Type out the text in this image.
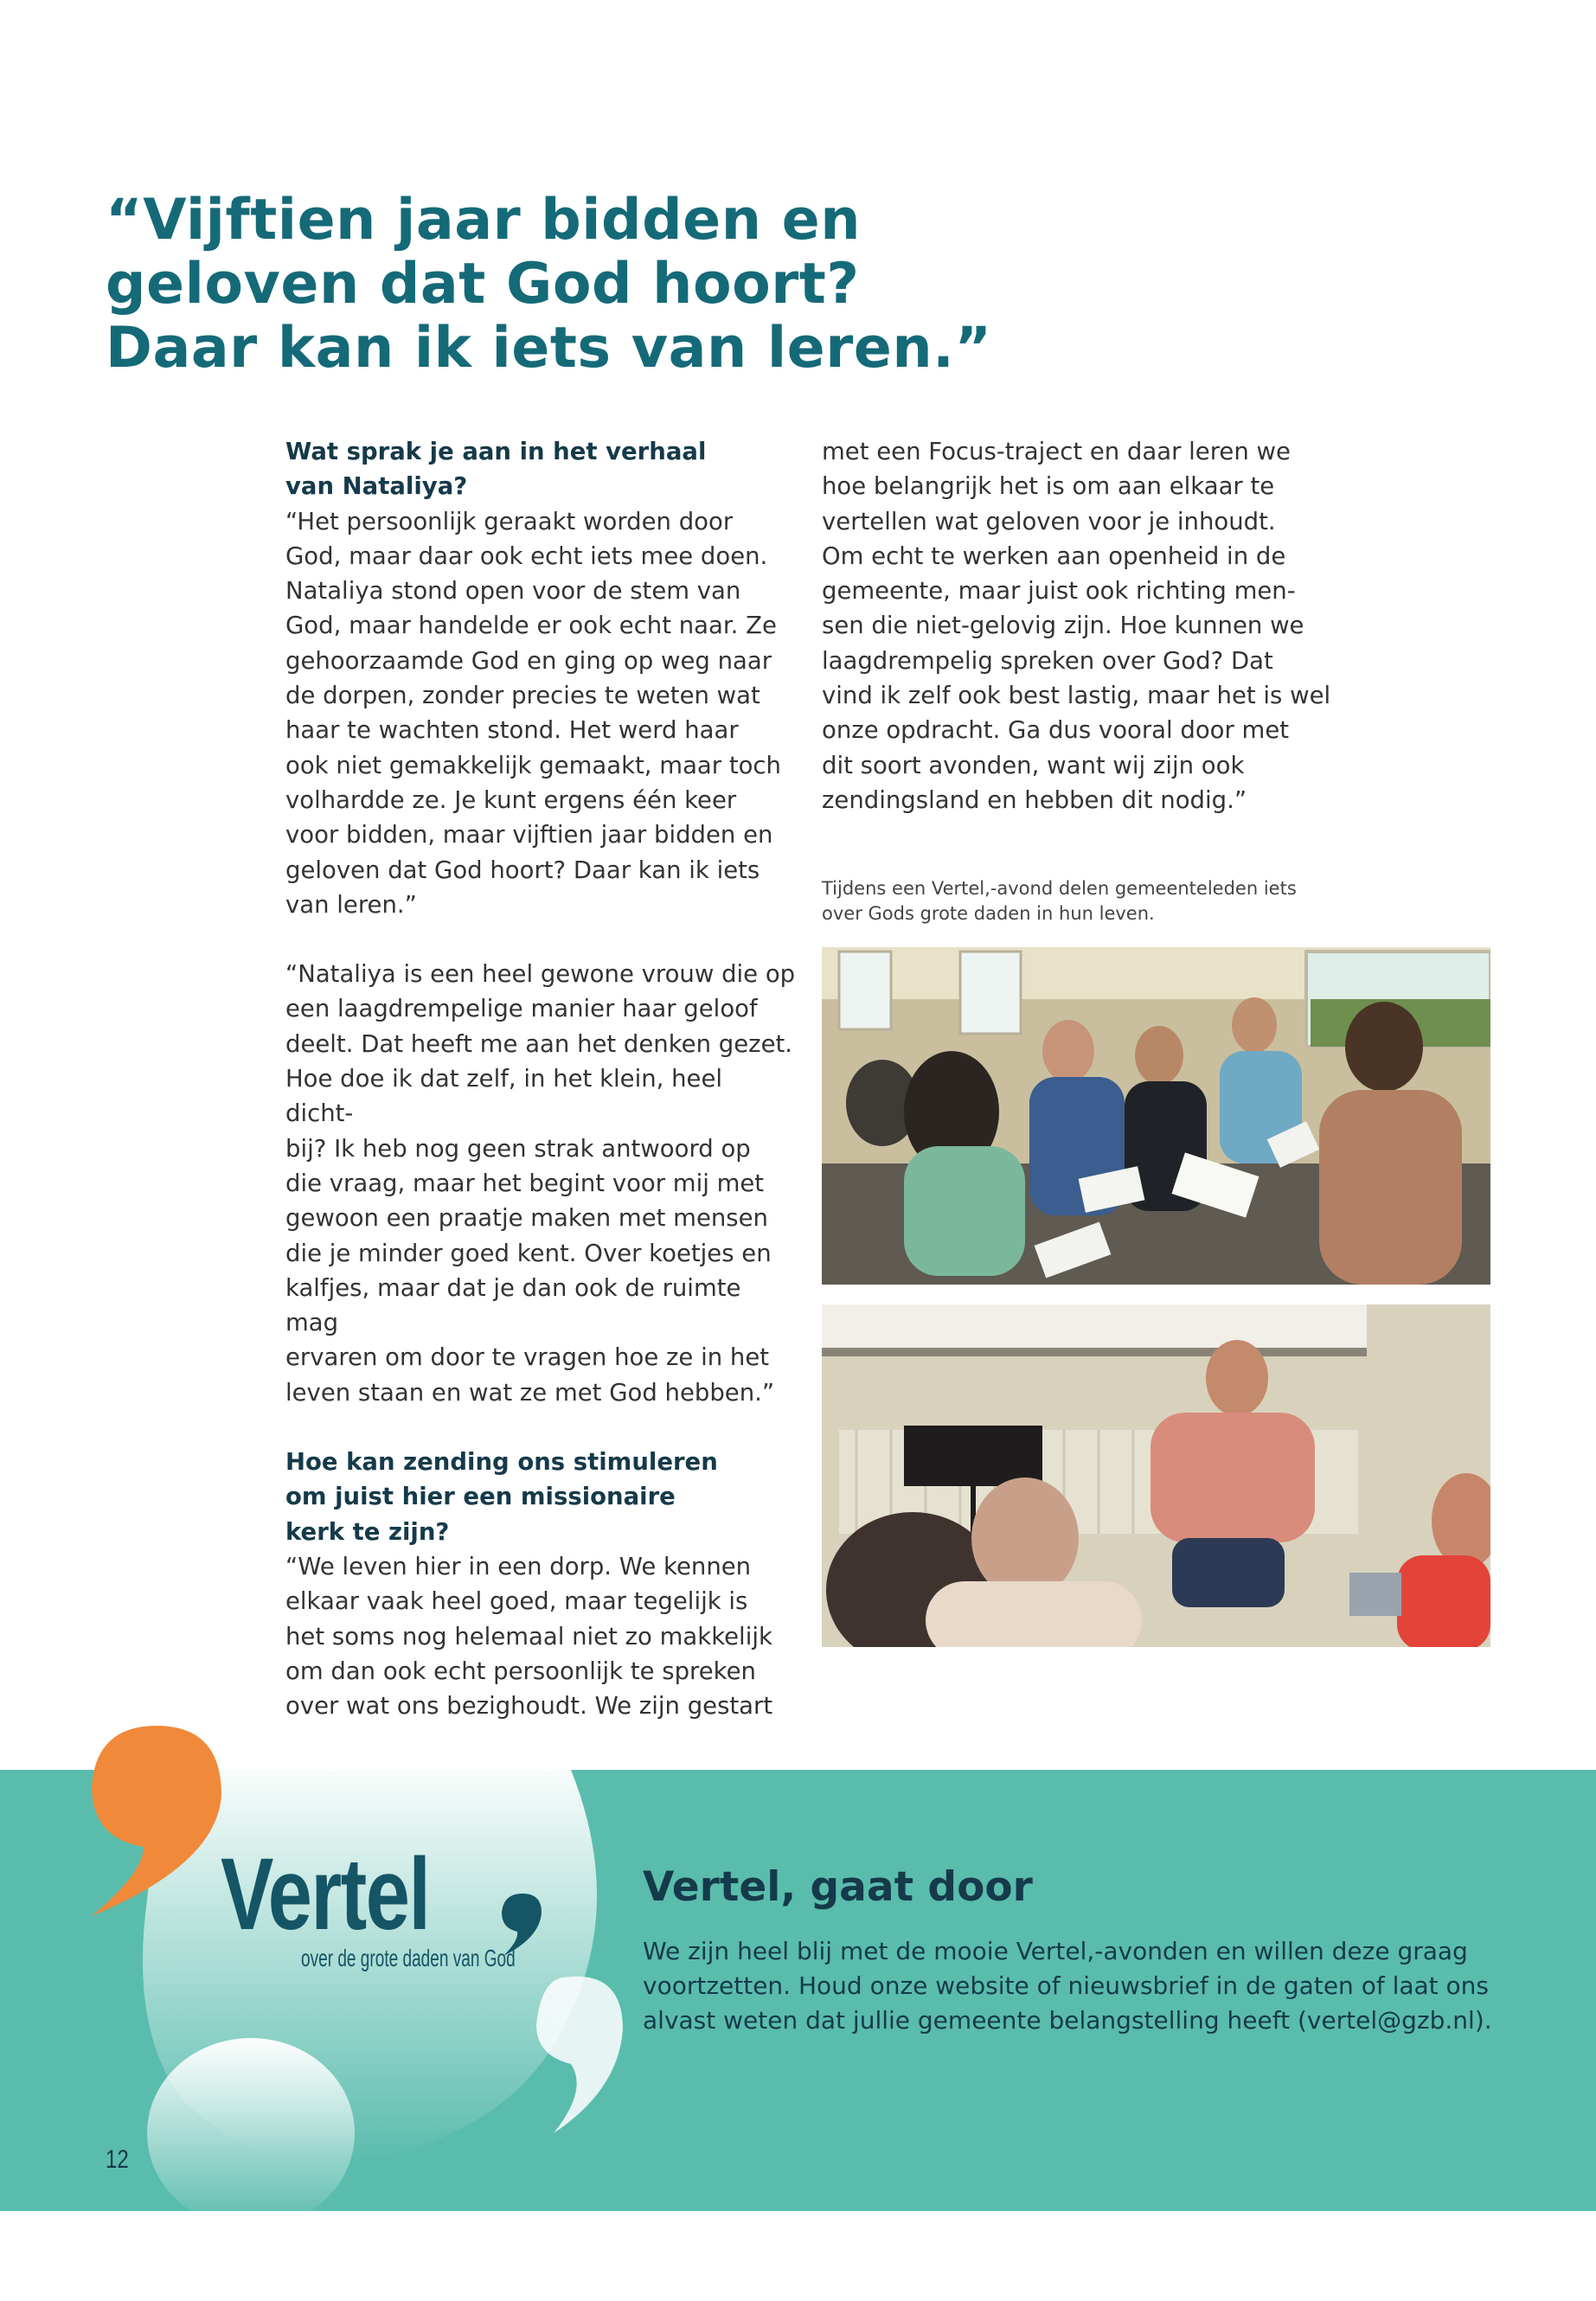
“Vijftien jaar bidden en
geloven dat God hoort?
Daar kan ik iets van leren.”

Wat sprak je aan in het verhaal
van Nataliya?

“Het persoonlijk geraakt worden door
God, maar daar ook echt iets mee doen.
Nataliya stond open voor de stem van
God, maar handelde er ook echt naar. Ze
gehoorzaamde God en ging op weg naar
de dorpen, zonder precies te weten wat
haar te wachten stond. Het werd haar
ook niet gemakkelijk gemaakt, maar toch
volhardde ze. Je kunt ergens één keer
voor bidden, maar vijftien jaar bidden en
geloven dat God hoort? Daar kan ik iets
van leren.”

“Nataliya is een heel gewone vrouw die op
een laagdrempelige manier haar geloof
deelt. Dat heeft me aan het denken gezet.
Hoe doe ik dat zelf, in het klein, heel dicht-
bij? Ik heb nog geen strak antwoord op
die vraag, maar het begint voor mij met
gewoon een praatje maken met mensen
die je minder goed kent. Over koetjes en
kalfjes, maar dat je dan ook de ruimte mag
ervaren om door te vragen hoe ze in het
leven staan en wat ze met God hebben.”

Hoe kan zending ons stimuleren
om juist hier een missionaire
kerk te zijn?

“We leven hier in een dorp. We kennen
elkaar vaak heel goed, maar tegelijk is
het soms nog helemaal niet zo makkelijk
om dan ook echt persoonlijk te spreken
over wat ons bezighoudt. We zijn gestart

met een Focus-traject en daar leren we
hoe belangrijk het is om aan elkaar te
vertellen wat geloven voor je inhoudt.
Om echt te werken aan openheid in de
gemeente, maar juist ook richting men-
sen die niet-gelovig zijn. Hoe kunnen we
laagdrempelig spreken over God? Dat
vind ik zelf ook best lastig, maar het is wel
onze opdracht. Ga dus vooral door met
dit soort avonden, want wij zijn ook
zendingsland en hebben dit nodig.”

Tijdens een Vertel,-avond delen gemeenteleden iets
over Gods grote daden in hun leven.

Vertel

over de grote daden van God

Vertel, gaat door

We zijn heel blij met de mooie Vertel,-avonden en willen deze graag
voortzetten. Houd onze website of nieuwsbrief in de gaten of laat ons
alvast weten dat jullie gemeente belangstelling heeft (vertel@gzb.nl).

12
